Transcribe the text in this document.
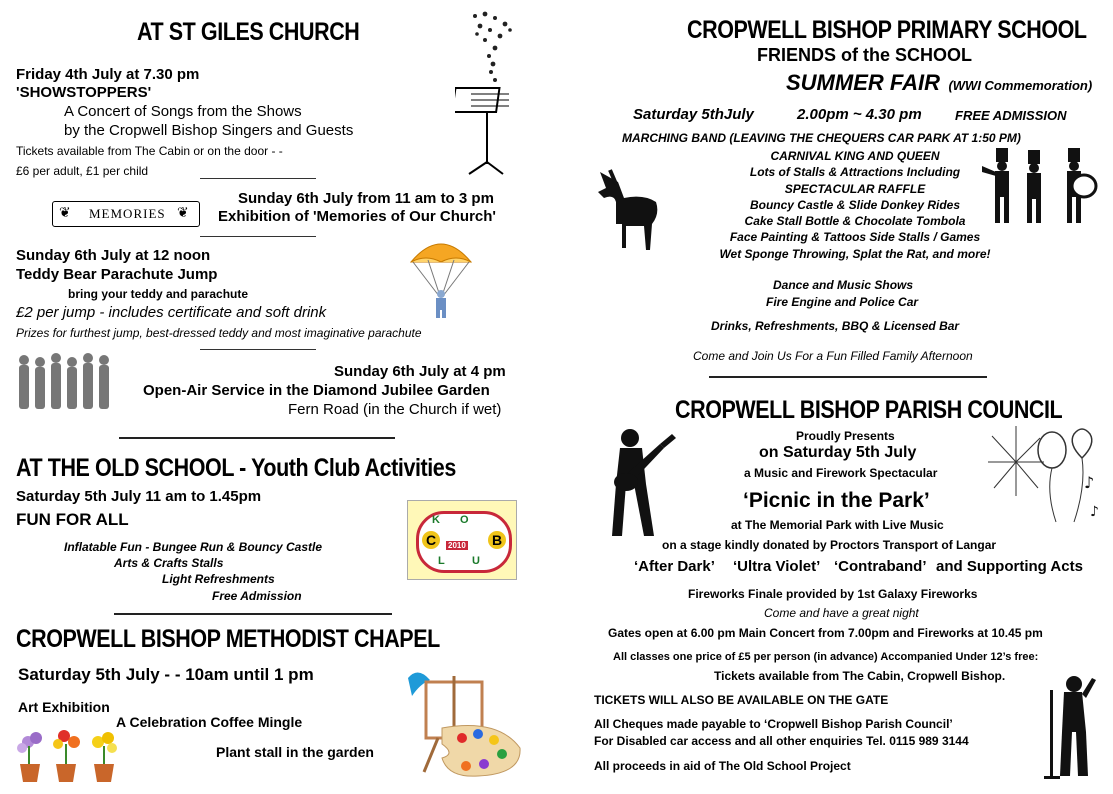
AT ST GILES CHURCH
Friday 4th July at 7.30 pm
'SHOWSTOPPERS'
A Concert of Songs from the Shows
by the Cropwell Bishop Singers and Guests
Tickets available from The Cabin or on the door - -
£6 per adult, £1 per child
❦ MEMORIES ❦
Sunday 6th July from 11 am to 3 pm
Exhibition of 'Memories of Our Church'
Sunday 6th July at 12 noon
Teddy Bear Parachute Jump
bring your teddy and parachute
£2 per jump - includes certificate and soft drink
Prizes for furthest jump, best-dressed teddy and most imaginative parachute
Sunday 6th July at 4 pm
Open-Air Service in the Diamond Jubilee Garden
Fern Road (in the Church if wet)
AT THE OLD SCHOOL - Youth Club Activities
Saturday 5th July 11 am to 1.45pm
FUN FOR ALL
Inflatable Fun - Bungee Run & Bouncy Castle
Arts & Crafts Stalls
Light Refreshments
Free Admission
K O
C	B
2010
L U
CROPWELL BISHOP METHODIST CHAPEL
Saturday 5th July - - 10am until 1 pm
Art Exhibition
A Celebration Coffee Mingle
Plant stall in the garden
CROPWELL BISHOP PRIMARY SCHOOL
FRIENDS of the SCHOOL
SUMMER FAIR (WWI Commemoration)
Saturday 5thJuly	2.00pm ~ 4.30 pm	FREE ADMISSION
MARCHING BAND (LEAVING THE CHEQUERS CAR PARK AT 1:50 PM)
CARNIVAL KING AND QUEEN
Lots of Stalls & Attractions Including
SPECTACULAR RAFFLE
Bouncy Castle & Slide Donkey Rides
Cake Stall Bottle & Chocolate Tombola
Face Painting & Tattoos Side Stalls / Games
Wet Sponge Throwing, Splat the Rat, and more!
Dance and Music Shows
Fire Engine and Police Car
Drinks, Refreshments, BBQ & Licensed Bar
Come and Join Us For a Fun Filled Family Afternoon
CROPWELL BISHOP PARISH COUNCIL
Proudly Presents
on Saturday 5th July
a Music and Firework Spectacular
‘Picnic in the Park’
at The Memorial Park with Live Music
on a stage kindly donated by Proctors Transport of Langar
‘After Dark’ ‘Ultra Violet’ ‘Contraband’ and Supporting Acts
♪
♪
Fireworks Finale provided by 1st Galaxy Fireworks
Come and have a great night
Gates open at 6.00 pm Main Concert from 7.00pm and Fireworks at 10.45 pm
All classes one price of £5 per person (in advance) Accompanied Under 12’s free:
Tickets available from The Cabin, Cropwell Bishop.
TICKETS WILL ALSO BE AVAILABLE ON THE GATE
All Cheques made payable to ‘Cropwell Bishop Parish Council’
For Disabled car access and all other enquiries Tel. 0115 989 3144
All proceeds in aid of The Old School Project
